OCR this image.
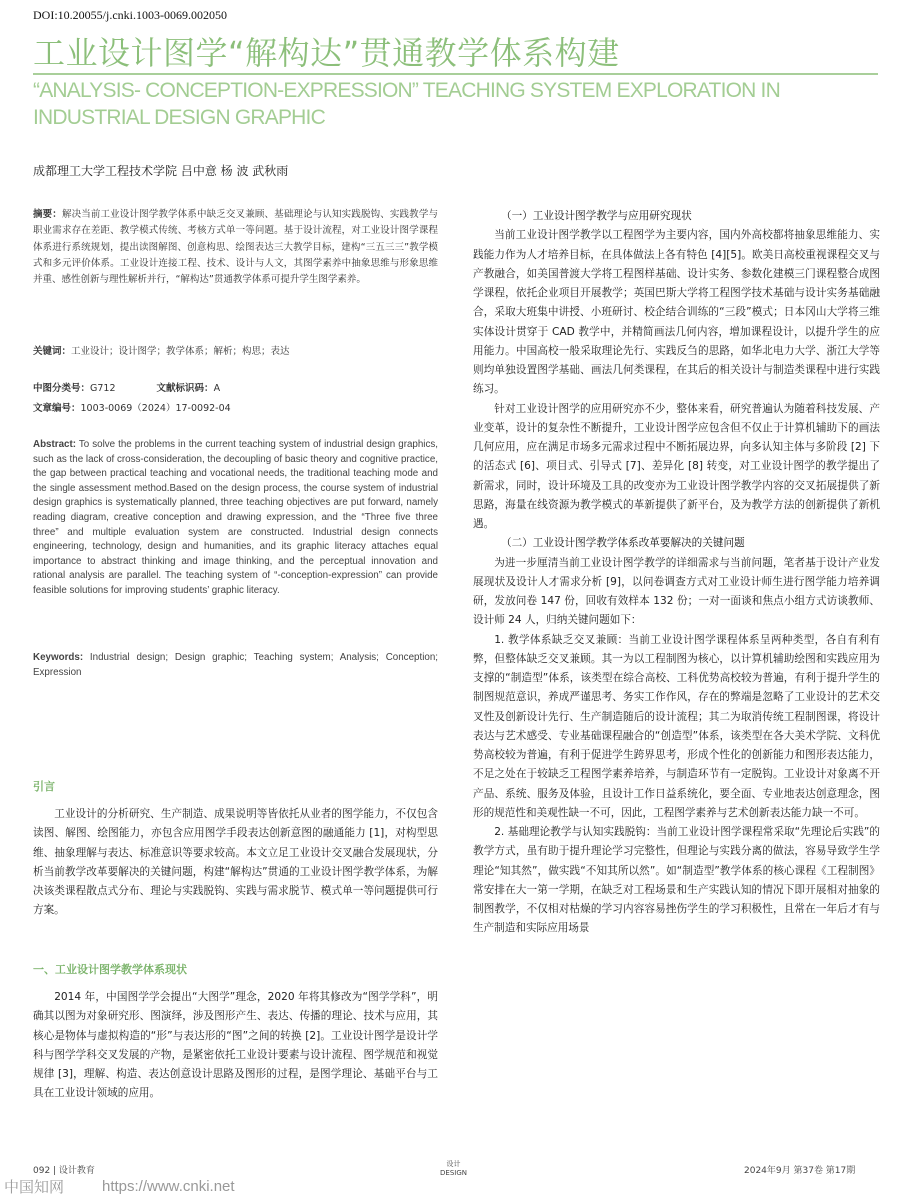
DOI:10.20055/j.cnki.1003-0069.002050
工业设计图学“解构达”贯通教学体系构建
“ANALYSIS- CONCEPTION-EXPRESSION” TEACHING SYSTEM EXPLORATION IN INDUSTRIAL DESIGN GRAPHIC
成都理工大学工程技术学院 吕中意 杨 波 武秋雨
摘要：解决当前工业设计图学教学体系中缺乏交叉兼顾、基础理论与认知实践脱钩、实践教学与职业需求存在差距、教学模式传统、考核方式单一等问题。基于设计流程，对工业设计图学课程体系进行系统规划，提出读图解图、创意构思、绘图表达三大教学目标，建构“三五三三”教学模式和多元评价体系。工业设计连接工程、技术、设计与人文，其图学素养中抽象思维与形象思维并重、感性创新与理性解析并行，“解构达”贯通教学体系可提升学生图学素养。
关键词：工业设计；设计图学；教学体系；解析；构思；表达
中图分类号：G712	文献标识码：A
文章编号：1003-0069（2024）17-0092-04
Abstract: To solve the problems in the current teaching system of industrial design graphics, such as the lack of cross-consideration, the decoupling of basic theory and cognitive practice, the gap between practical teaching and vocational needs, the traditional teaching mode and the single assessment method.Based on the design process, the course system of industrial design graphics is systematically planned, three teaching objectives are put forward, namely reading diagram, creative conception and drawing expression, and the “Three five three three” and multiple evaluation system are constructed. Industrial design connects engineering, technology, design and humanities, and its graphic literacy attaches equal importance to abstract thinking and image thinking, and the perceptual innovation and rational analysis are parallel. The teaching system of “-conception-expression” can provide feasible solutions for improving students’ graphic literacy.
Keywords: Industrial design; Design graphic; Teaching system; Analysis; Conception; Expression
引言

工业设计的分析研究、生产制造、成果说明等皆依托从业者的图学能力，不仅包含读图、解图、绘图能力，亦包含应用图学手段表达创新意图的融通能力 [1]，对构型思维、抽象理解与表达、标准意识等要求较高。本文立足工业设计交叉融合发展现状，分析当前教学改革要解决的关键问题，构建“解构达”贯通的工业设计图学教学体系，为解决该类课程散点式分布、理论与实践脱钩、实践与需求脱节、模式单一等问题提供可行方案。

一、工业设计图学教学体系现状

2014 年，中国图学学会提出“大图学”理念，2020 年将其修改为“图学学科”，明确其以图为对象研究形、图演绎，涉及图形产生、表达、传播的理论、技术与应用，其核心是物体与虚拟构造的“形”与表达形的“图”之间的转换 [2]。工业设计图学是设计学科与图学学科交叉发展的产物，是紧密依托工业设计要素与设计流程、图学规范和视觉规律 [3]，理解、构造、表达创意设计思路及图形的过程，是图学理论、基础平台与工具在工业设计领域的应用。

（一）工业设计图学教学与应用研究现状

当前工业设计图学教学以工程图学为主要内容，国内外高校都将抽象思维能力、实践能力作为人才培养目标，在具体做法上各有特色 [4][5]。欧美日高校重视课程交叉与产教融合，如美国普渡大学将工程图样基础、设计实务、参数化建模三门课程整合成图学课程，依托企业项目开展教学；英国巴斯大学将工程图学技术基础与设计实务基础融合，采取大班集中讲授、小班研讨、校企结合训练的“三段”模式；日本冈山大学将三维实体设计贯穿于 CAD 教学中，并精简画法几何内容，增加课程设计，以提升学生的应用能力。中国高校一般采取理论先行、实践反刍的思路，如华北电力大学、浙江大学等则均单独设置图学基础、画法几何类课程，在其后的相关设计与制造类课程中进行实践练习。

针对工业设计图学的应用研究亦不少，整体来看，研究普遍认为随着科技发展、产业变革，设计的复杂性不断提升，工业设计图学应包含但不仅止于计算机辅助下的画法几何应用，应在满足市场多元需求过程中不断拓展边界，向多认知主体与多阶段 [2] 下的活态式 [6]、项目式、引导式 [7]、差异化 [8] 转变，对工业设计图学的教学提出了新需求，同时，设计环境及工具的改变亦为工业设计图学教学内容的交叉拓展提供了新思路，海量在线资源为教学模式的革新提供了新平台，及为教学方法的创新提供了新机遇。

（二）工业设计图学教学体系改革要解决的关键问题

为进一步厘清当前工业设计图学教学的详细需求与当前问题，笔者基于设计产业发展现状及设计人才需求分析 [9]，以问卷调查方式对工业设计师生进行图学能力培养调研，发放问卷 147 份，回收有效样本 132 份；一对一面谈和焦点小组方式访谈教师、设计师 24 人，归纳关键问题如下：

1. 教学体系缺乏交叉兼顾：当前工业设计图学课程体系呈两种类型，各自有利有弊，但整体缺乏交叉兼顾。其一为以工程制图为核心，以计算机辅助绘图和实践应用为支撑的“制造型”体系，该类型在综合高校、工科优势高校较为普遍，有利于提升学生的制图规范意识，养成严谨思考、务实工作作风，存在的弊端是忽略了工业设计的艺术交叉性及创新设计先行、生产制造随后的设计流程；其二为取消传统工程制图课，将设计表达与艺术感受、专业基础课程融合的“创造型”体系，该类型在各大美术学院、文科优势高校较为普遍，有利于促进学生跨界思考，形成个性化的创新能力和图形表达能力，不足之处在于较缺乏工程图学素养培养，与制造环节有一定脱钩。工业设计对象离不开产品、系统、服务及体验，且设计工作日益系统化，要全面、专业地表达创意理念，图形的规范性和美观性缺一不可，因此，工程图学素养与艺术创新表达能力缺一不可。

2. 基础理论教学与认知实践脱钩：当前工业设计图学课程常采取“先理论后实践”的教学方式，虽有助于提升理论学习完整性，但理论与实践分离的做法，容易导致学生学理论“知其然”，做实践“不知其所以然”。如“制造型”教学体系的核心课程《工程制图》常安排在大一第一学期，在缺乏对工程场景和生产实践认知的情况下即开展相对抽象的制图教学，不仅相对枯燥的学习内容容易挫伤学生的学习积极性，且常在一年后才有与生产制造和实际应用场景

092 | 设计教育
设计
DESIGN	2024年9月 第37卷 第17期
中国知网	https://www.cnki.net
